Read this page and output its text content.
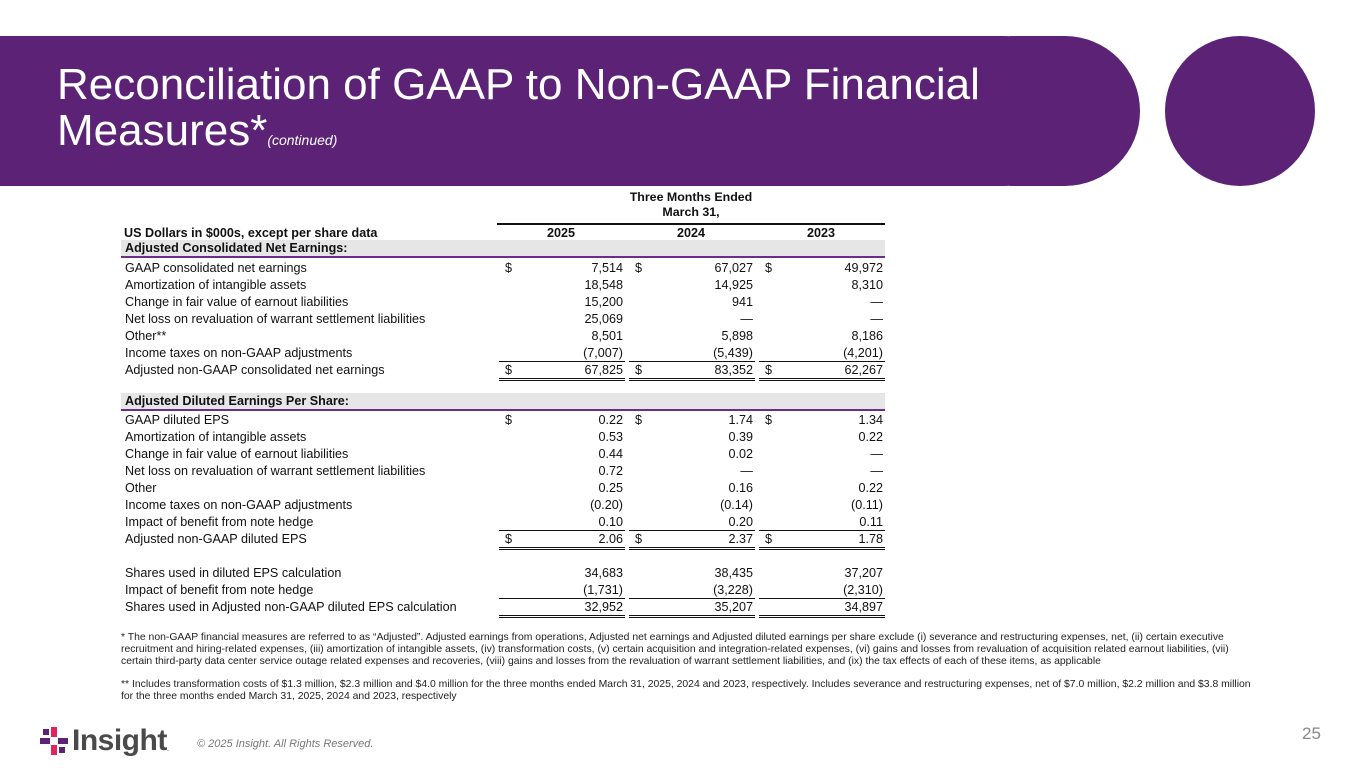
Reconciliation of GAAP to Non-GAAP Financial
Measures*(continued)
Three Months Ended
March 31,
US Dollars in $000s, except per share data	2025	2024	2023
Adjusted Consolidated Net Earnings:
GAAP consolidated net earnings	$	7,514 $	67,027 $	49,972
Amortization of intangible assets	18,548	14,925	8,310
Change in fair value of earnout liabilities	15,200	941	—
Net loss on revaluation of warrant settlement liabilities	25,069	—	—
Other**	8,501	5,898	8,186
Income taxes on non-GAAP adjustments	(7,007)	(5,439)	(4,201)
Adjusted non-GAAP consolidated net earnings	$	67,825 $	83,352 $	62,267
Adjusted Diluted Earnings Per Share:
GAAP diluted EPS	$	0.22 $	1.74 $	1.34
Amortization of intangible assets	0.53	0.39	0.22
Change in fair value of earnout liabilities	0.44	0.02	—
Net loss on revaluation of warrant settlement liabilities	0.72	—	—
Other	0.25	0.16	0.22
Income taxes on non-GAAP adjustments	(0.20)	(0.14)	(0.11)
Impact of benefit from note hedge	0.10	0.20	0.11
Adjusted non-GAAP diluted EPS	$	2.06 $	2.37 $	1.78
Shares used in diluted EPS calculation	34,683	38,435	37,207
Impact of benefit from note hedge	(1,731)	(3,228)	(2,310)
Shares used in Adjusted non-GAAP diluted EPS calculation	32,952	35,207	34,897

* The non-GAAP financial measures are referred to as “Adjusted”. Adjusted earnings from operations, Adjusted net earnings and Adjusted diluted earnings per share exclude (i) severance and restructuring expenses, net, (ii) certain executive recruitment and hiring-related expenses, (iii) amortization of intangible assets, (iv) transformation costs, (v) certain acquisition and integration-related expenses, (vi) gains and losses from revaluation of acquisition related earnout liabilities, (vii) certain third-party data center service outage related expenses and recoveries, (viii) gains and losses from the revaluation of warrant settlement liabilities, and (ix) the tax effects of each of these items, as applicable

** Includes transformation costs of $1.3 million, $2.3 million and $4.0 million for the three months ended March 31, 2025, 2024 and 2023, respectively. Includes severance and restructuring expenses, net of $7.0 million, $2.2 million and $3.8 million for the three months ended March 31, 2025, 2024 and 2023, respectively

Insight .	© 2025 Insight. All Rights Reserved.
25
